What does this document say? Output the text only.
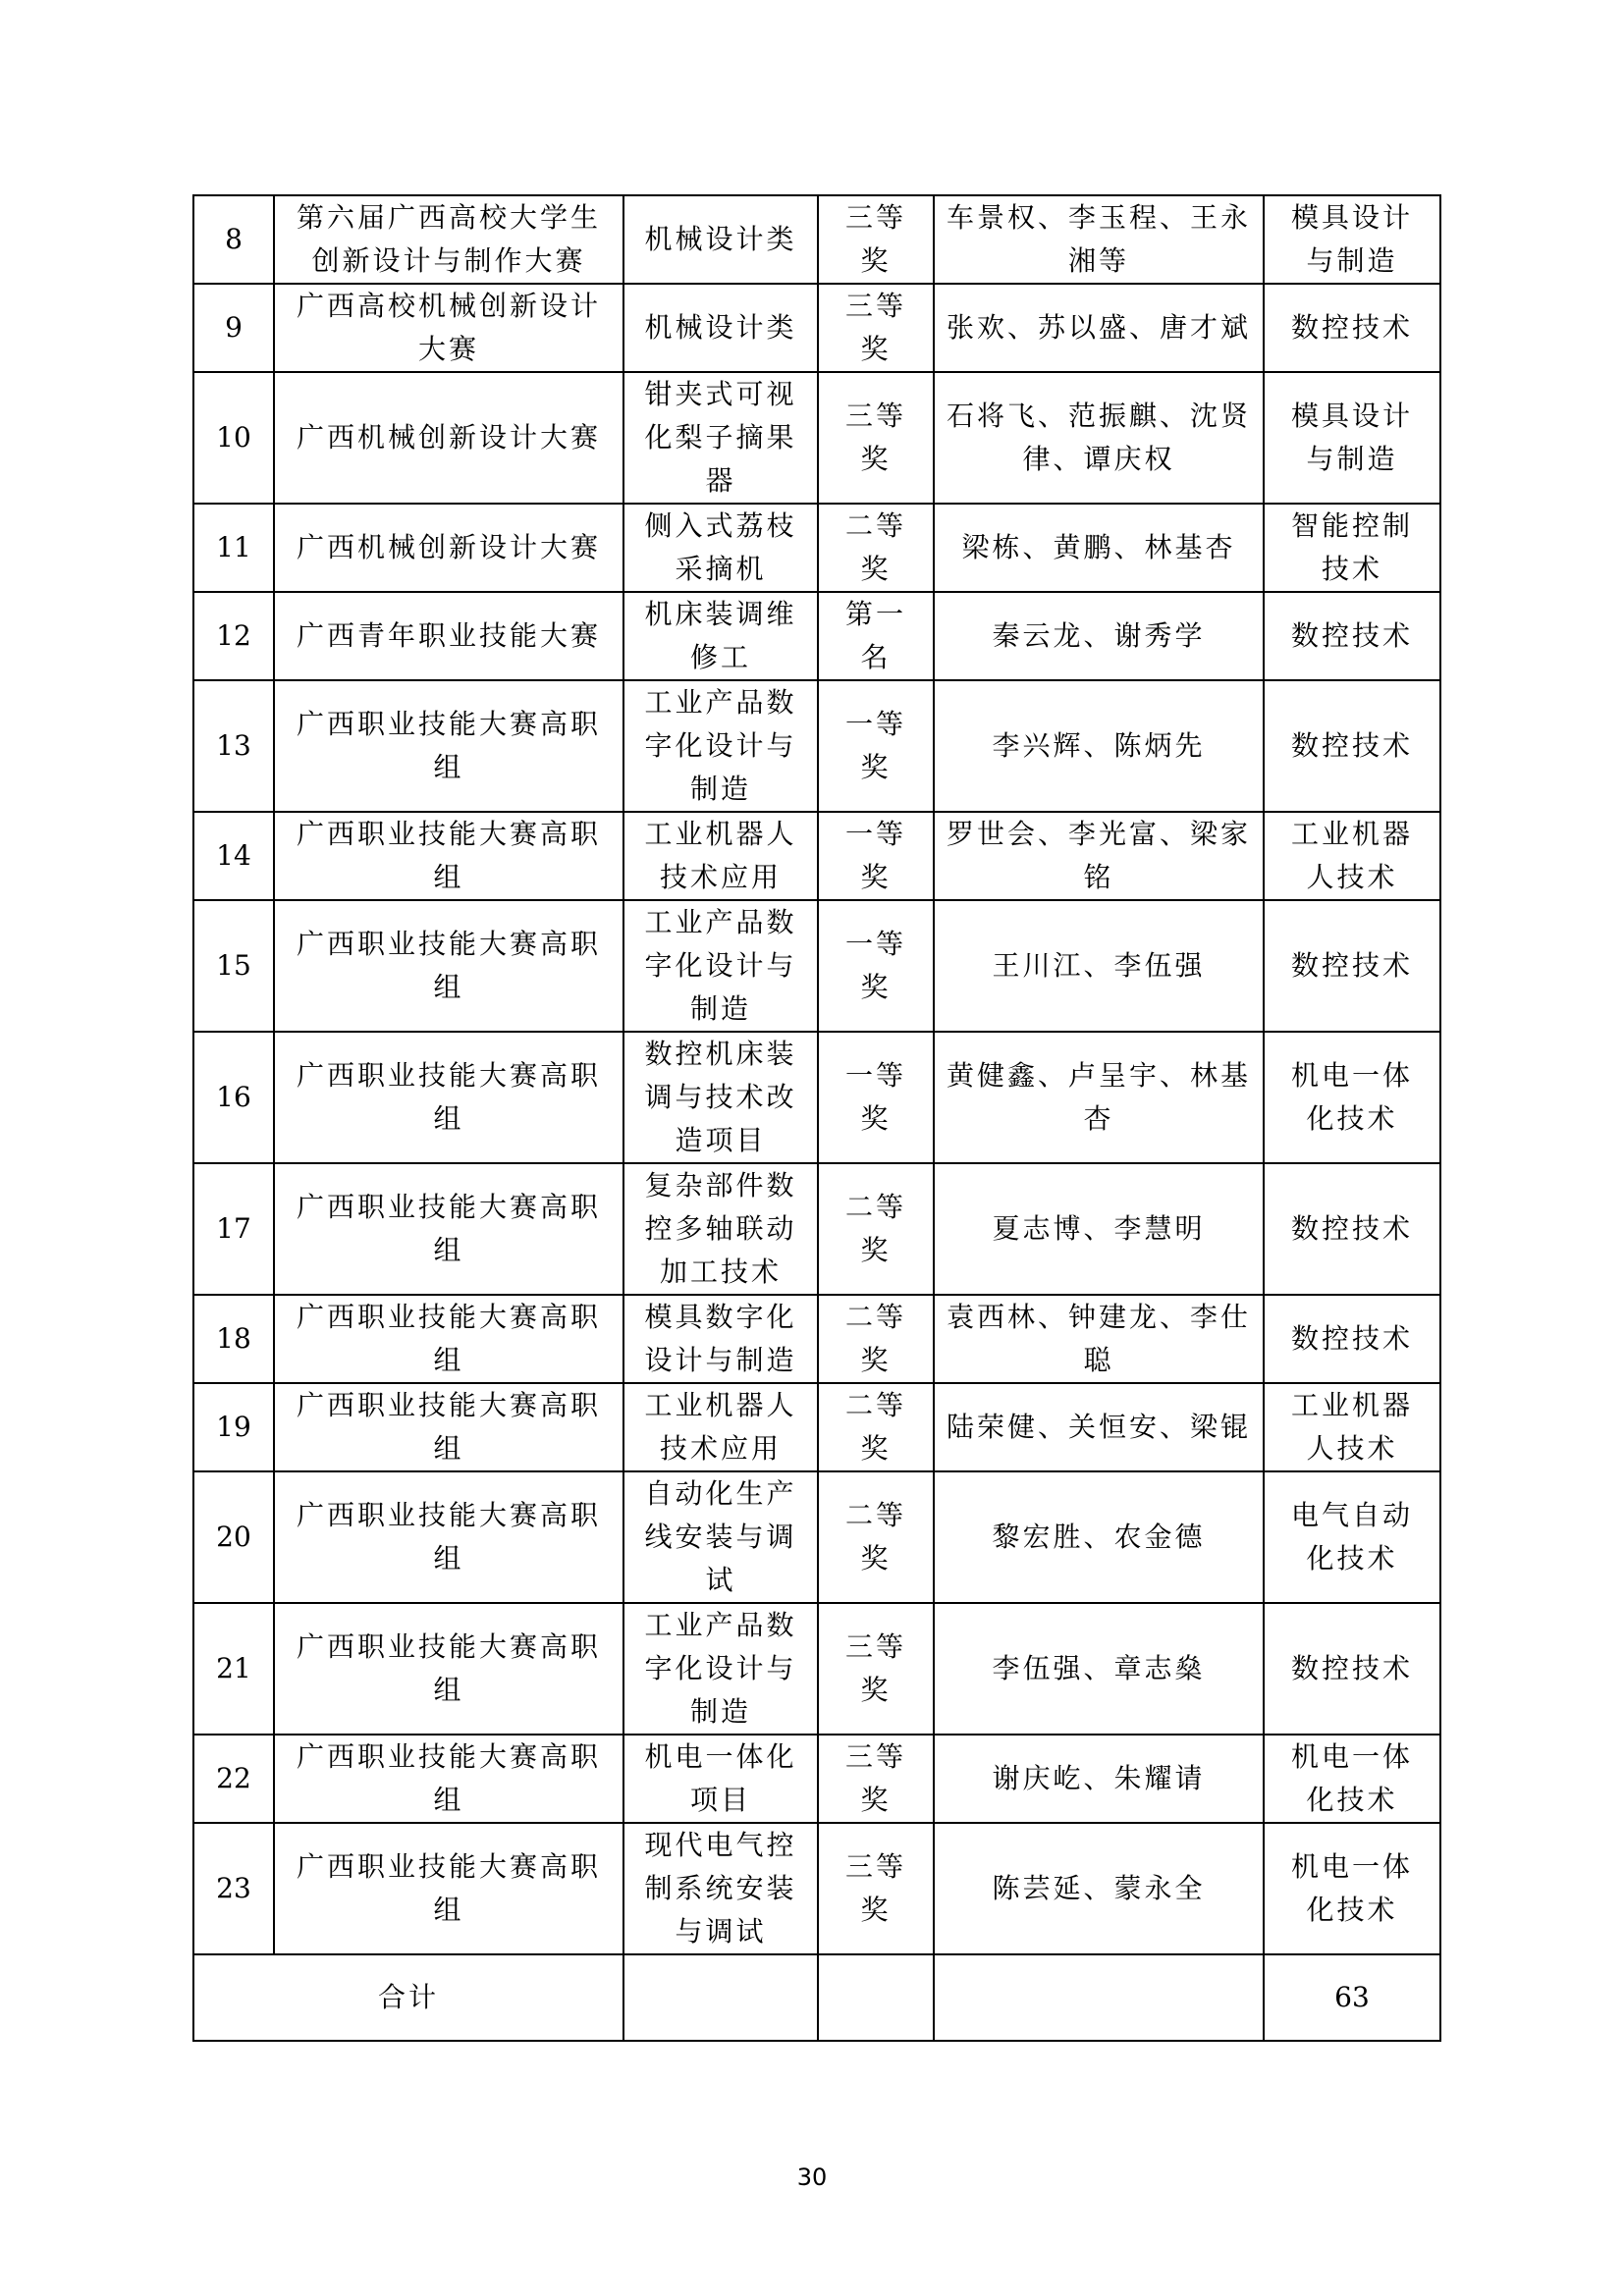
8	第六届广西高校大学生创新设计与制作大赛	机械设计类	三等奖	车景权、李玉程、王永湘等	模具设计与制造
9	广西高校机械创新设计大赛	机械设计类	三等奖	张欢、苏以盛、唐才斌	数控技术
10	广西机械创新设计大赛	钳夹式可视化梨子摘果器	三等奖	石将飞、范振麒、沈贤律、谭庆权	模具设计与制造
11	广西机械创新设计大赛	侧入式荔枝采摘机	二等奖	梁栋、黄鹏、林基杏	智能控制技术
12	广西青年职业技能大赛	机床装调维修工	第一名	秦云龙、谢秀学	数控技术
13	广西职业技能大赛高职组	工业产品数字化设计与制造	一等奖	李兴辉、陈炳先	数控技术
14	广西职业技能大赛高职组	工业机器人技术应用	一等奖	罗世会、李光富、梁家铭	工业机器人技术
15	广西职业技能大赛高职组	工业产品数字化设计与制造	一等奖	王川江、李伍强	数控技术
16	广西职业技能大赛高职组	数控机床装调与技术改造项目	一等奖	黄健鑫、卢呈宇、林基杏	机电一体化技术
17	广西职业技能大赛高职组	复杂部件数控多轴联动加工技术	二等奖	夏志博、李慧明	数控技术
18	广西职业技能大赛高职组	模具数字化设计与制造	二等奖	袁西林、钟建龙、李仕聪	数控技术
19	广西职业技能大赛高职组	工业机器人技术应用	二等奖	陆荣健、关恒安、梁锟	工业机器人技术
20	广西职业技能大赛高职组	自动化生产线安装与调试	二等奖	黎宏胜、农金德	电气自动化技术
21	广西职业技能大赛高职组	工业产品数字化设计与制造	三等奖	李伍强、章志燊	数控技术
22	广西职业技能大赛高职组	机电一体化项目	三等奖	谢庆屹、朱耀请	机电一体化技术
23	广西职业技能大赛高职组	现代电气控制系统安装与调试	三等奖	陈芸延、蒙永全	机电一体化技术
合计					63
30
